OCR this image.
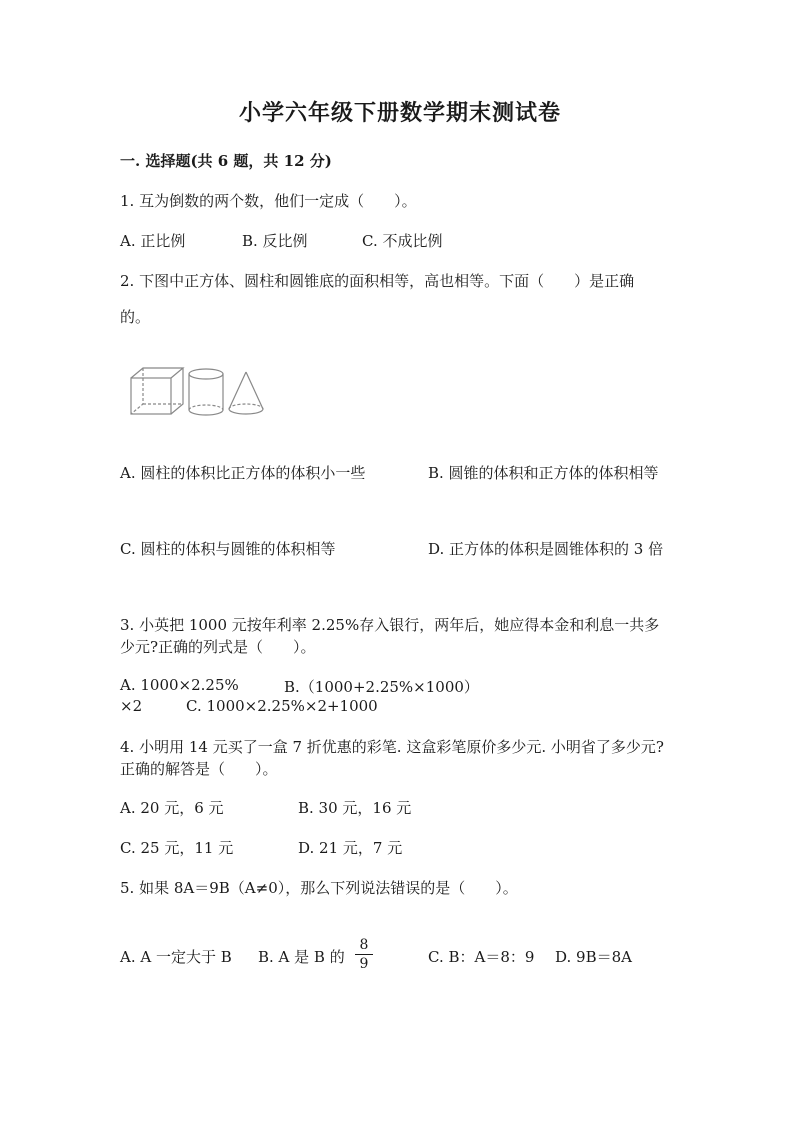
小学六年级下册数学期末测试卷
一. 选择题(共 6 题，共 12 分)
1. 互为倒数的两个数，他们一定成（　　）。
A. 正比例	B. 反比例	C. 不成比例
2. 下图中正方体、圆柱和圆锥底的面积相等，高也相等。下面（　　）是正确
的。
A. 圆柱的体积比正方体的体积小一些	B. 圆锥的体积和正方体的体积相等
C. 圆柱的体积与圆锥的体积相等	D. 正方体的体积是圆锥体积的 3 倍
3. 小英把 1000 元按年利率 2.25%存入银行，两年后，她应得本金和利息一共多
少元?正确的列式是（　　）。
A. 1000×2.25%	B.（1000+2.25%×1000）
×2	C. 1000×2.25%×2+1000
4. 小明用 14 元买了一盒 7 折优惠的彩笔. 这盒彩笔原价多少元. 小明省了多少元?
正确的解答是（　　）。
A. 20 元，6 元	B. 30 元，16 元
C. 25 元，11 元	D. 21 元，7 元
5. 如果 8A＝9B（A≠0），那么下列说法错误的是（　　）。
A. A 一定大于 B B. A 是 B 的
8
9	C. B：A＝8：9 D. 9B＝8A
